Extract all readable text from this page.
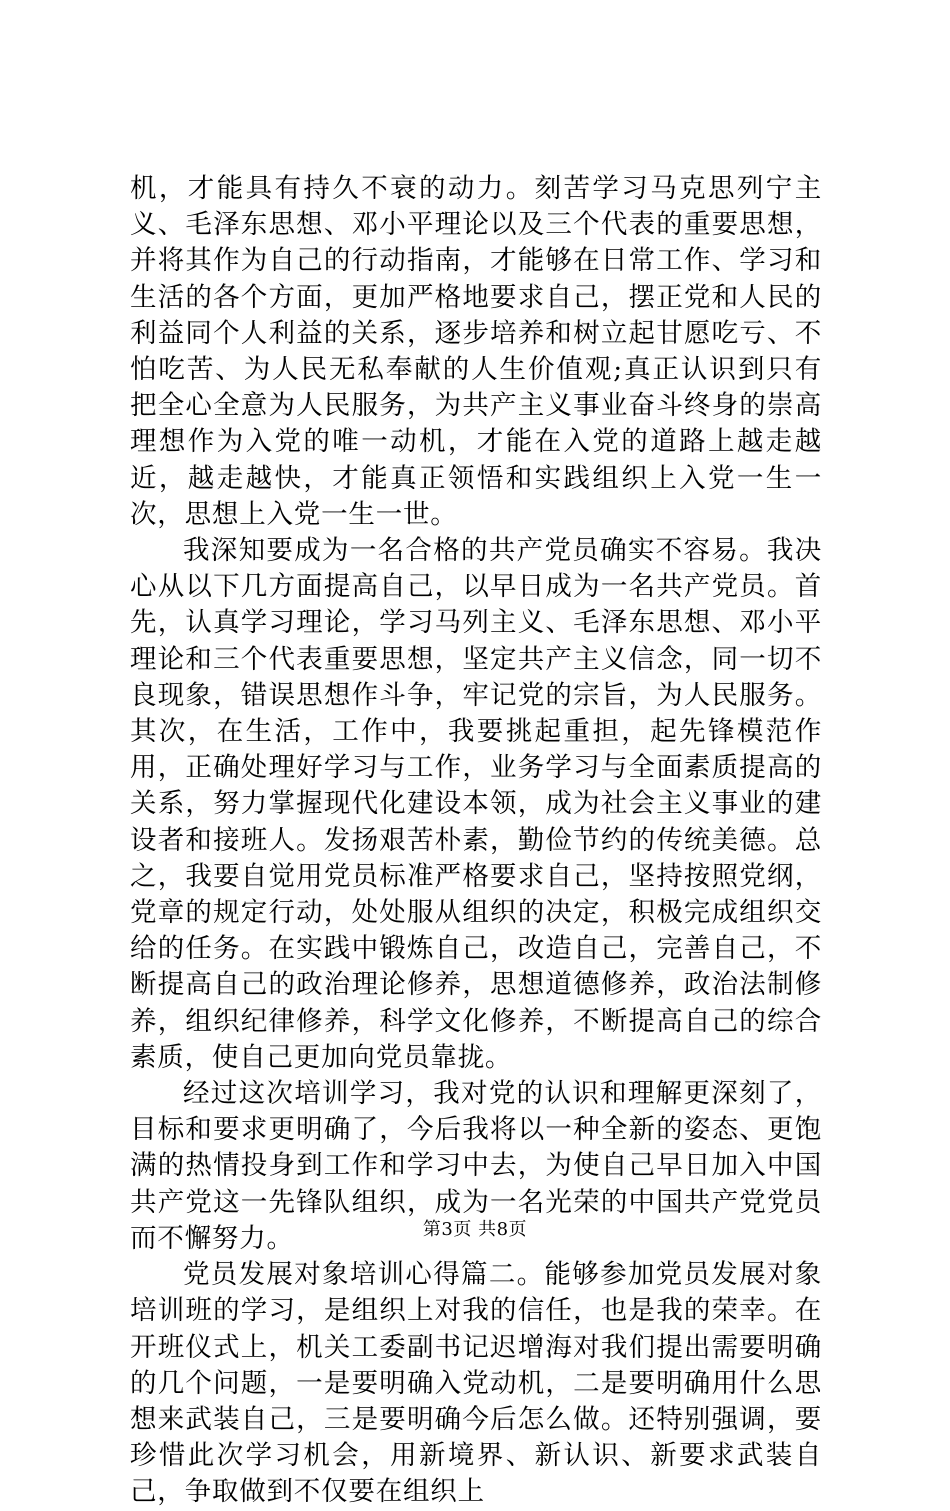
机，才能具有持久不衰的动力。刻苦学习马克思列宁主义、毛泽东思想、邓小平理论以及三个代表的重要思想，并将其作为自己的行动指南，才能够在日常工作、学习和生活的各个方面，更加严格地要求自己，摆正党和人民的利益同个人利益的关系，逐步培养和树立起甘愿吃亏、不怕吃苦、为人民无私奉献的人生价值观;真正认识到只有把全心全意为人民服务，为共产主义事业奋斗终身的崇高理想作为入党的唯一动机，才能在入党的道路上越走越近，越走越快，才能真正领悟和实践组织上入党一生一次，思想上入党一生一世。

我深知要成为一名合格的共产党员确实不容易。我决心从以下几方面提高自己，以早日成为一名共产党员。首先，认真学习理论，学习马列主义、毛泽东思想、邓小平理论和三个代表重要思想，坚定共产主义信念，同一切不良现象，错误思想作斗争，牢记党的宗旨，为人民服务。其次，在生活，工作中，我要挑起重担，起先锋模范作用，正确处理好学习与工作，业务学习与全面素质提高的关系，努力掌握现代化建设本领，成为社会主义事业的建设者和接班人。发扬艰苦朴素，勤俭节约的传统美德。总之，我要自觉用党员标准严格要求自己，坚持按照党纲，党章的规定行动，处处服从组织的决定，积极完成组织交给的任务。在实践中锻炼自己，改造自己，完善自己，不断提高自己的政治理论修养，思想道德修养，政治法制修养，组织纪律修养，科学文化修养，不断提高自己的综合素质，使自己更加向党员靠拢。

经过这次培训学习，我对党的认识和理解更深刻了，目标和要求更明确了，今后我将以一种全新的姿态、更饱满的热情投身到工作和学习中去，为使自己早日加入中国共产党这一先锋队组织，成为一名光荣的中国共产党党员而不懈努力。

党员发展对象培训心得篇二。能够参加党员发展对象培训班的学习，是组织上对我的信任，也是我的荣幸。在开班仪式上，机关工委副书记迟增海对我们提出需要明确的几个问题，一是要明确入党动机，二是要明确用什么思想来武装自己，三是要明确今后怎么做。还特别强调，要珍惜此次学习机会，用新境界、新认识、新要求武装自己，争取做到不仅要在组织上

第3页 共8页
